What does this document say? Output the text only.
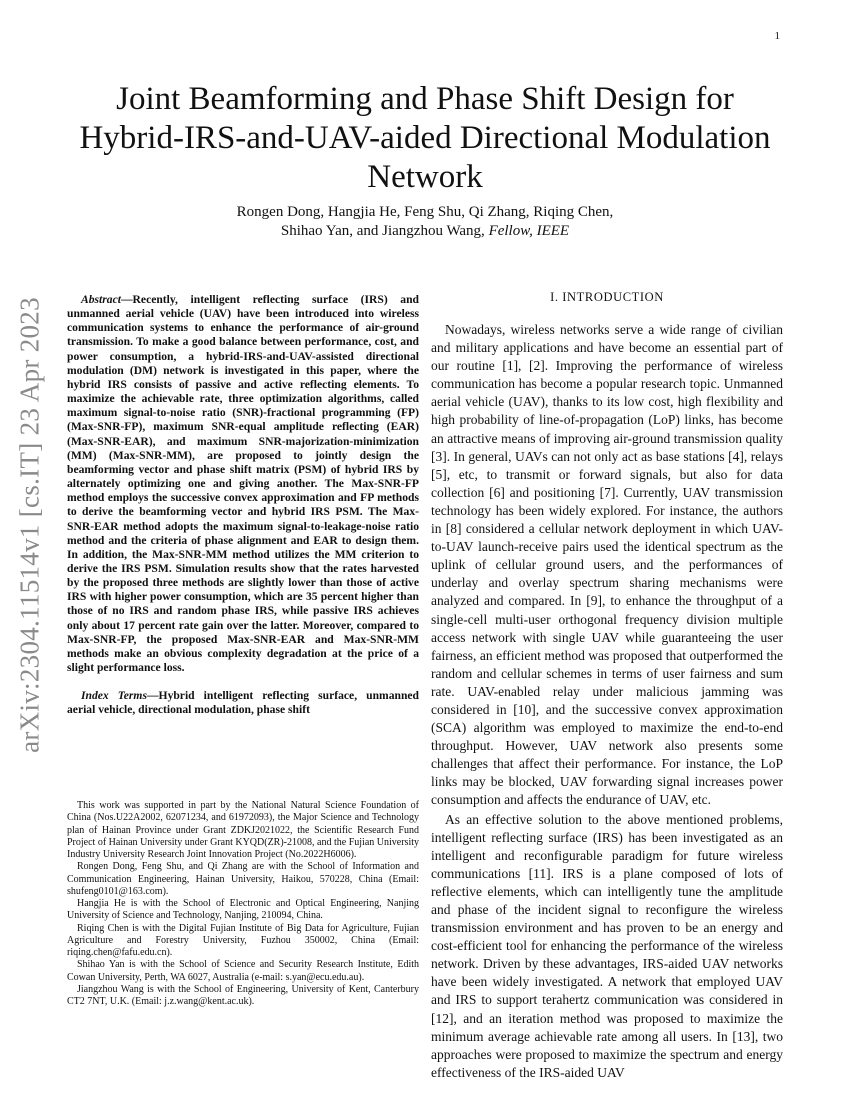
1
arXiv:2304.11514v1 [cs.IT] 23 Apr 2023
Joint Beamforming and Phase Shift Design for Hybrid-IRS-and-UAV-aided Directional Modulation Network
Rongen Dong, Hangjia He, Feng Shu, Qi Zhang, Riqing Chen,
Shihao Yan, and Jiangzhou Wang, Fellow, IEEE

Abstract—Recently, intelligent reflecting surface (IRS) and unmanned aerial vehicle (UAV) have been introduced into wireless communication systems to enhance the performance of air-ground transmission. To make a good balance between performance, cost, and power consumption, a hybrid-IRS-and-UAV-assisted directional modulation (DM) network is investigated in this paper, where the hybrid IRS consists of passive and active reflecting elements. To maximize the achievable rate, three optimization algorithms, called maximum signal-to-noise ratio (SNR)-fractional programming (FP) (Max-SNR-FP), maximum SNR-equal amplitude reflecting (EAR) (Max-SNR-EAR), and maximum SNR-majorization-minimization (MM) (Max-SNR-MM), are proposed to jointly design the beamforming vector and phase shift matrix (PSM) of hybrid IRS by alternately optimizing one and giving another. The Max-SNR-FP method employs the successive convex approximation and FP methods to derive the beamforming vector and hybrid IRS PSM. The Max-SNR-EAR method adopts the maximum signal-to-leakage-noise ratio method and the criteria of phase alignment and EAR to design them. In addition, the Max-SNR-MM method utilizes the MM criterion to derive the IRS PSM. Simulation results show that the rates harvested by the proposed three methods are slightly lower than those of active IRS with higher power consumption, which are 35 percent higher than those of no IRS and random phase IRS, while passive IRS achieves only about 17 percent rate gain over the latter. Moreover, compared to Max-SNR-FP, the proposed Max-SNR-EAR and Max-SNR-MM methods make an obvious complexity degradation at the price of a slight performance loss.

Index Terms—Hybrid intelligent reflecting surface, unmanned aerial vehicle, directional modulation, phase shift

This work was supported in part by the National Natural Science Foundation of China (Nos.U22A2002, 62071234, and 61972093), the Major Science and Technology plan of Hainan Province under Grant ZDKJ2021022, the Scientific Research Fund Project of Hainan University under Grant KYQD(ZR)-21008, and the Fujian University Industry University Research Joint Innovation Project (No.2022H6006).

Rongen Dong, Feng Shu, and Qi Zhang are with the School of Information and Communication Engineering, Hainan University, Haikou, 570228, China (Email: shufeng0101@163.com).

Hangjia He is with the School of Electronic and Optical Engineering, Nanjing University of Science and Technology, Nanjing, 210094, China.

Riqing Chen is with the Digital Fujian Institute of Big Data for Agriculture, Fujian Agriculture and Forestry University, Fuzhou 350002, China (Email: riqing.chen@fafu.edu.cn).

Shihao Yan is with the School of Science and Security Research Institute, Edith Cowan University, Perth, WA 6027, Australia (e-mail: s.yan@ecu.edu.au).

Jiangzhou Wang is with the School of Engineering, University of Kent, Canterbury CT2 7NT, U.K. (Email: j.z.wang@kent.ac.uk).

I. INTRODUCTION

Nowadays, wireless networks serve a wide range of civilian and military applications and have become an essential part of our routine [1], [2]. Improving the performance of wireless communication has become a popular research topic. Unmanned aerial vehicle (UAV), thanks to its low cost, high flexibility and high probability of line-of-propagation (LoP) links, has become an attractive means of improving air-ground transmission quality [3]. In general, UAVs can not only act as base stations [4], relays [5], etc, to transmit or forward signals, but also for data collection [6] and positioning [7]. Currently, UAV transmission technology has been widely explored. For instance, the authors in [8] considered a cellular network deployment in which UAV-to-UAV launch-receive pairs used the identical spectrum as the uplink of cellular ground users, and the performances of underlay and overlay spectrum sharing mechanisms were analyzed and compared. In [9], to enhance the throughput of a single-cell multi-user orthogonal frequency division multiple access network with single UAV while guaranteeing the user fairness, an efficient method was proposed that outperformed the random and cellular schemes in terms of user fairness and sum rate. UAV-enabled relay under malicious jamming was considered in [10], and the successive convex approximation (SCA) algorithm was employed to maximize the end-to-end throughput. However, UAV network also presents some challenges that affect their performance. For instance, the LoP links may be blocked, UAV forwarding signal increases power consumption and affects the endurance of UAV, etc.

As an effective solution to the above mentioned problems, intelligent reflecting surface (IRS) has been investigated as an intelligent and reconfigurable paradigm for future wireless communications [11]. IRS is a plane composed of lots of reflective elements, which can intelligently tune the amplitude and phase of the incident signal to reconfigure the wireless transmission environment and has proven to be an energy and cost-efficient tool for enhancing the performance of the wireless network. Driven by these advantages, IRS-aided UAV networks have been widely investigated. A network that employed UAV and IRS to support terahertz communication was considered in [12], and an iteration method was proposed to maximize the minimum average achievable rate among all users. In [13], two approaches were proposed to maximize the spectrum and energy effectiveness of the IRS-aided UAV
